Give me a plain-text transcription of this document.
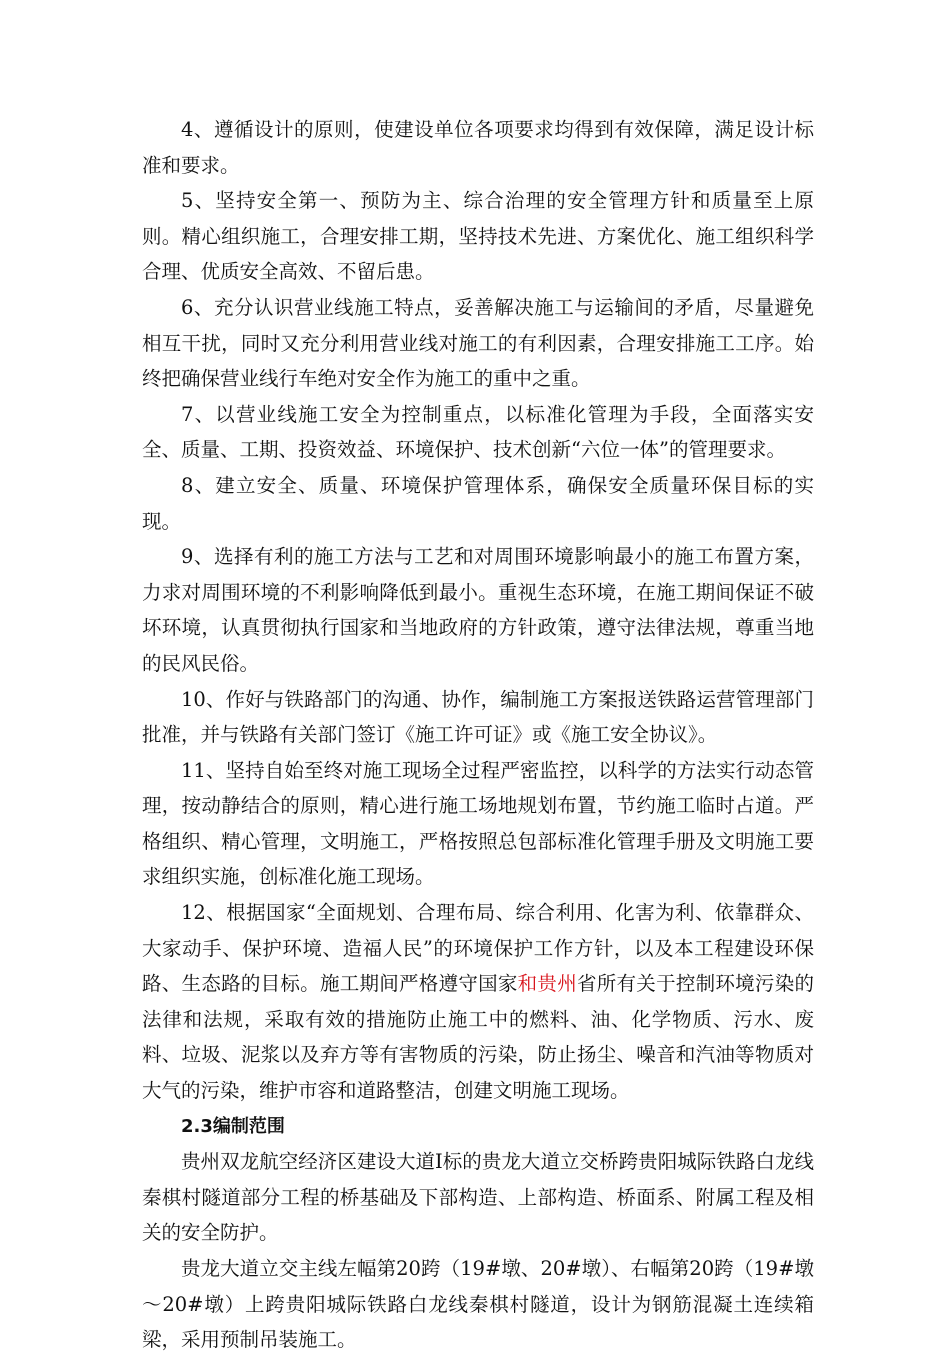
4、遵循设计的原则，使建设单位各项要求均得到有效保障，满足设计标准和要求。

5、坚持安全第一、预防为主、综合治理的安全管理方针和质量至上原则。精心组织施工，合理安排工期，坚持技术先进、方案优化、施工组织科学合理、优质安全高效、不留后患。

6、充分认识营业线施工特点，妥善解决施工与运输间的矛盾，尽量避免相互干扰，同时又充分利用营业线对施工的有利因素，合理安排施工工序。始终把确保营业线行车绝对安全作为施工的重中之重。

7、以营业线施工安全为控制重点，以标准化管理为手段，全面落实安全、质量、工期、投资效益、环境保护、技术创新“六位一体”的管理要求。

8、建立安全、质量、环境保护管理体系，确保安全质量环保目标的实现。

9、选择有利的施工方法与工艺和对周围环境影响最小的施工布置方案，力求对周围环境的不利影响降低到最小。重视生态环境，在施工期间保证不破坏环境，认真贯彻执行国家和当地政府的方针政策，遵守法律法规，尊重当地的民风民俗。

10、作好与铁路部门的沟通、协作，编制施工方案报送铁路运营管理部门批准，并与铁路有关部门签订《施工许可证》或《施工安全协议》。

11、坚持自始至终对施工现场全过程严密监控，以科学的方法实行动态管理，按动静结合的原则，精心进行施工场地规划布置，节约施工临时占道。严格组织、精心管理，文明施工，严格按照总包部标准化管理手册及文明施工要求组织实施，创标准化施工现场。

12、根据国家“全面规划、合理布局、综合利用、化害为利、依靠群众、大家动手、保护环境、造福人民”的环境保护工作方针，以及本工程建设环保路、生态路的目标。施工期间严格遵守国家和贵州省所有关于控制环境污染的法律和法规，采取有效的措施防止施工中的燃料、油、化学物质、污水、废料、垃圾、泥浆以及弃方等有害物质的污染，防止扬尘、噪音和汽油等物质对大气的污染，维护市容和道路整洁，创建文明施工现场。

2.3编制范围

贵州双龙航空经济区建设大道Ⅰ标的贵龙大道立交桥跨贵阳城际铁路白龙线秦棋村隧道部分工程的桥基础及下部构造、上部构造、桥面系、附属工程及相关的安全防护。

贵龙大道立交主线左幅第20跨（19#墩、20#墩）、右幅第20跨（19#墩～20#墩）上跨贵阳城际铁路白龙线秦棋村隧道，设计为钢筋混凝土连续箱梁，采用预制吊装施工。
